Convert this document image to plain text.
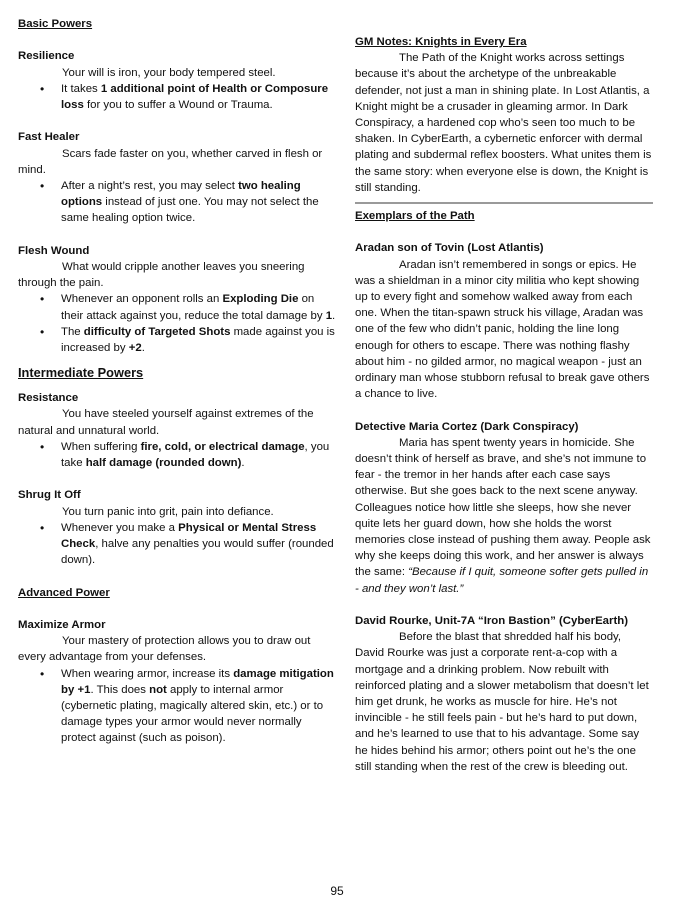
Basic Powers

Resilience

Your will is iron, your body tempered steel.

• It takes 1 additional point of Health or Composure loss for you to suffer a Wound or Trauma.

Fast Healer

Scars fade faster on you, whether carved in flesh or mind.

• After a night’s rest, you may select two healing options instead of just one. You may not select the same healing option twice.

Flesh Wound

What would cripple another leaves you sneering through the pain.

• Whenever an opponent rolls an Exploding Die on their attack against you, reduce the total damage by 1.
• The difficulty of Targeted Shots made against you is increased by +2.

Intermediate Powers

Resistance

You have steeled yourself against extremes of the natural and unnatural world.

• When suffering fire, cold, or electrical damage, you take half damage (rounded down).

Shrug It Off

You turn panic into grit, pain into defiance.

• Whenever you make a Physical or Mental Stress Check, halve any penalties you would suffer (rounded down).

Advanced Power

Maximize Armor

Your mastery of protection allows you to draw out every advantage from your defenses.

• When wearing armor, increase its damage mitigation by +1. This does not apply to internal armor (cybernetic plating, magically altered skin, etc.) or to damage types your armor would never normally protect against (such as poison).

GM Notes: Knights in Every Era

The Path of the Knight works across settings because it’s about the archetype of the unbreakable defender, not just a man in shining plate. In Lost Atlantis, a Knight might be a crusader in gleaming armor. In Dark Conspiracy, a hardened cop who’s seen too much to be shaken. In CyberEarth, a cybernetic enforcer with dermal plating and subdermal reflex boosters. What unites them is the same story: when everyone else is down, the Knight is still standing.

Exemplars of the Path

Aradan son of Tovin (Lost Atlantis)

Aradan isn’t remembered in songs or epics. He was a shieldman in a minor city militia who kept showing up to every fight and somehow walked away from each one. When the titan-spawn struck his village, Aradan was one of the few who didn’t panic, holding the line long enough for others to escape. There was nothing flashy about him - no gilded armor, no magical weapon - just an ordinary man whose stubborn refusal to break gave others a chance to live.

Detective Maria Cortez (Dark Conspiracy)

Maria has spent twenty years in homicide. She doesn’t think of herself as brave, and she’s not immune to fear - the tremor in her hands after each case says otherwise. But she goes back to the next scene anyway. Colleagues notice how little she sleeps, how she never quite lets her guard down, how she holds the worst memories close instead of pushing them away. People ask why she keeps doing this work, and her answer is always the same: “Because if I quit, someone softer gets pulled in - and they won’t last.”

David Rourke, Unit-7A “Iron Bastion” (CyberEarth)

Before the blast that shredded half his body, David Rourke was just a corporate rent-a-cop with a mortgage and a drinking problem. Now rebuilt with reinforced plating and a slower metabolism that doesn’t let him get drunk, he works as muscle for hire. He’s not invincible - he still feels pain - but he’s hard to put down, and he’s learned to use that to his advantage. Some say he hides behind his armor; others point out he’s the one still standing when the rest of the crew is bleeding out.

95
